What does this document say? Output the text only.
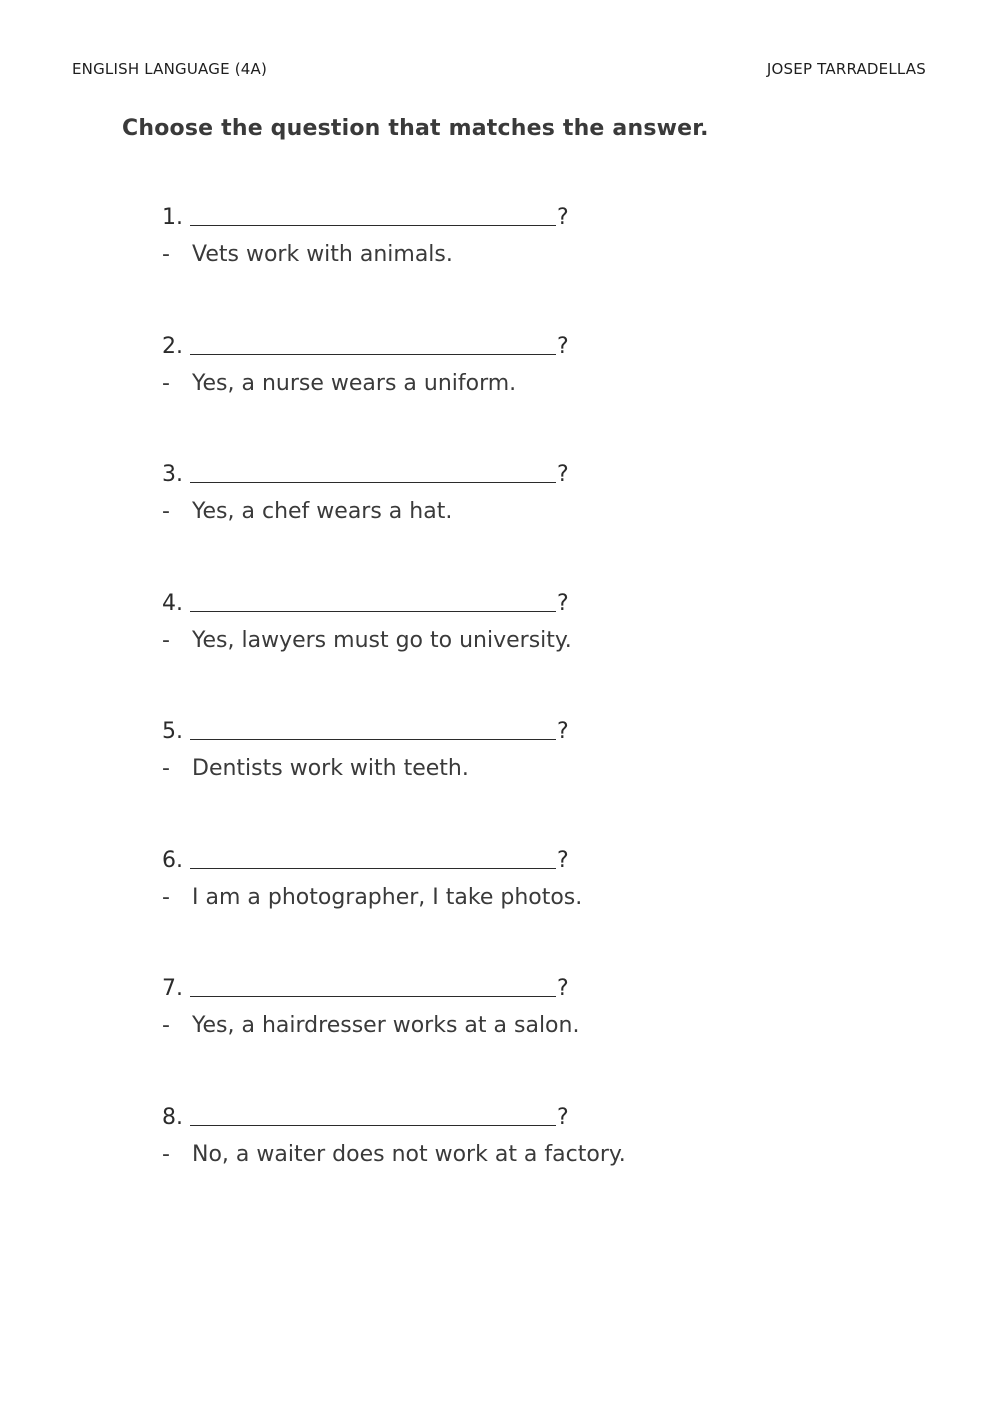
ENGLISH LANGUAGE (4A)	JOSEP TARRADELLAS
Choose the question that matches the answer.
1.	?
-	Vets work with animals.
2.	?
-	Yes, a nurse wears a uniform.
3.	?
-	Yes, a chef wears a hat.
4.	?
-	Yes, lawyers must go to university.
5.	?
-	Dentists work with teeth.
6.	?
-	I am a photographer, I take photos.
7.	?
-	Yes, a hairdresser works at a salon.
8.	?
-	No, a waiter does not work at a factory.
